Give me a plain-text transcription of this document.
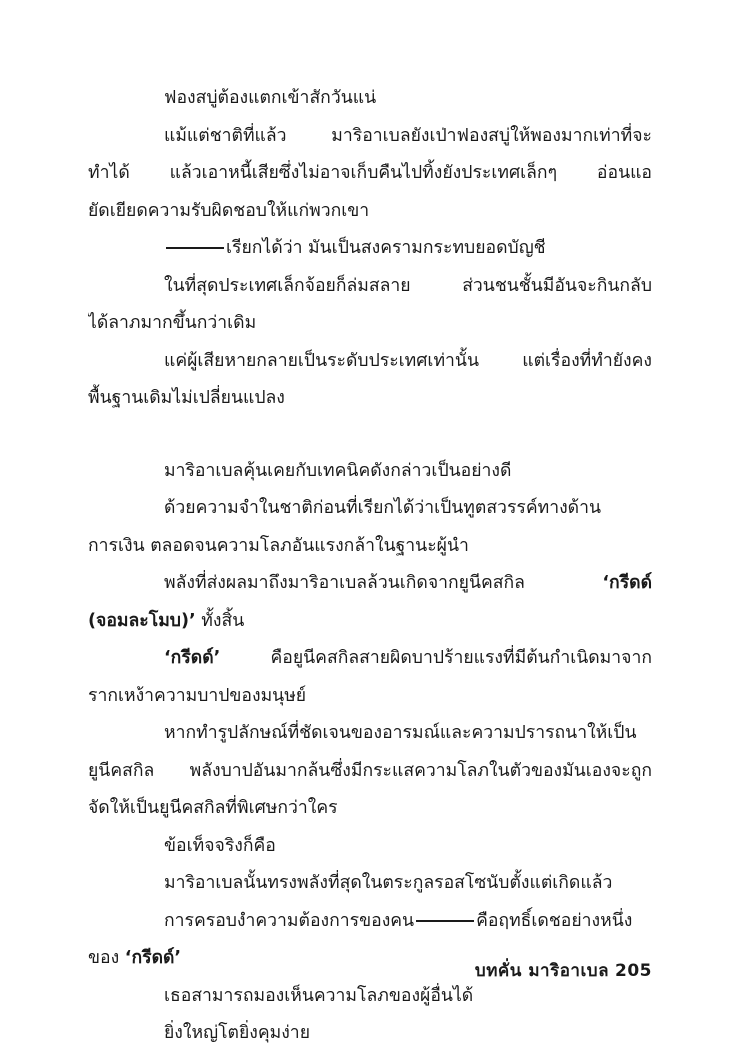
ฟองสบู่ต้องแตกเข้าสักวันแน่
แม้แต่ชาติที่แล้ว มาริอาเบลยังเป่าฟองสบู่ให้พองมากเท่าที่จะ
ทำได้ แล้วเอาหนี้เสียซึ่งไม่อาจเก็บคืนไปทิ้งยังประเทศเล็กๆ อ่อนแอ
ยัดเยียดความรับผิดชอบให้แก่พวกเขา
เรียกได้ว่า มันเป็นสงครามกระทบยอดบัญชี
ในที่สุดประเทศเล็กจ้อยก็ล่มสลาย ส่วนชนชั้นมีอันจะกินกลับ
ได้ลาภมากขึ้นกว่าเดิม
แค่ผู้เสียหายกลายเป็นระดับประเทศเท่านั้น แต่เรื่องที่ทำยังคง
พื้นฐานเดิมไม่เปลี่ยนแปลง
มาริอาเบลคุ้นเคยกับเทคนิคดังกล่าวเป็นอย่างดี
ด้วยความจำในชาติก่อนที่เรียกได้ว่าเป็นทูตสวรรค์ทางด้าน
การเงิน ตลอดจนความโลภอันแรงกล้าในฐานะผู้นำ
พลังที่ส่งผลมาถึงมาริอาเบลล้วนเกิดจากยูนีคสกิล	‘กรีดด์
(จอมละโมบ)’ ทั้งสิ้น
‘กรีดด์’	คือยูนีคสกิลสายผิดบาปร้ายแรงที่มีต้นกำเนิดมาจาก
รากเหง้าความบาปของมนุษย์
หากทำรูปลักษณ์ที่ชัดเจนของอารมณ์และความปรารถนาให้เป็น
ยูนีคสกิล พลังบาปอันมากล้นซึ่งมีกระแสความโลภในตัวของมันเองจะถูก
จัดให้เป็นยูนีคสกิลที่พิเศษกว่าใคร
ข้อเท็จจริงก็คือ
มาริอาเบลนั้นทรงพลังที่สุดในตระกูลรอสโซนับตั้งแต่เกิดแล้ว
การครอบงำความต้องการของคน	คือฤทธิ์เดชอย่างหนึ่ง
ของ ‘กรีดด์’
เธอสามารถมองเห็นความโลภของผู้อื่นได้
ยิ่งใหญ่โตยิ่งคุมง่าย
บทคั่น มาริอาเบล 205
